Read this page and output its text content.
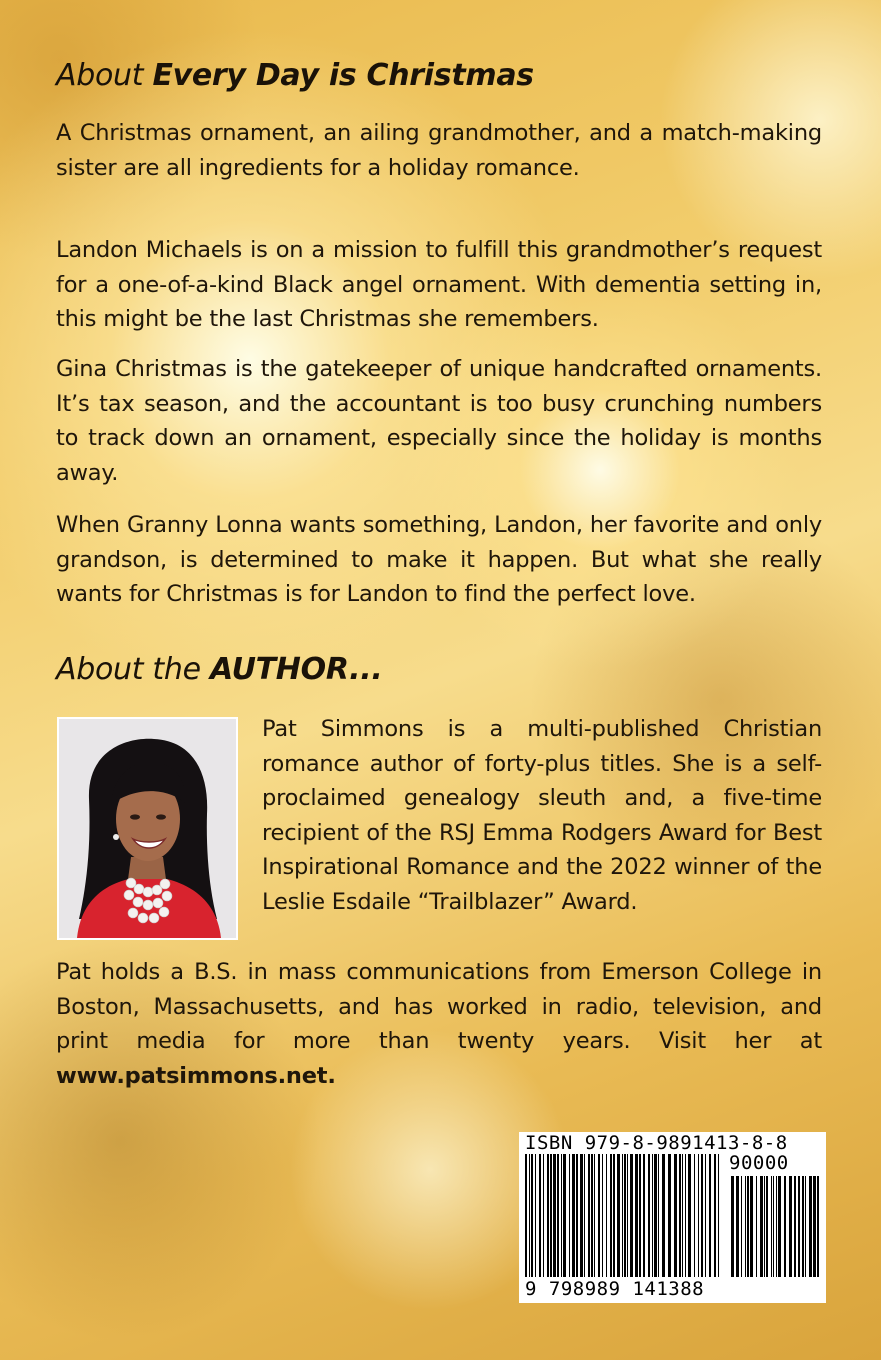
About Every Day is Christmas

A Christmas ornament, an ailing grandmother, and a match-making sister are all ingredients for a holiday romance.

Landon Michaels is on a mission to fulfill this grandmother’s request for a one-of-a-kind Black angel ornament. With dementia setting in, this might be the last Christmas she remembers.

Gina Christmas is the gatekeeper of unique handcrafted ornaments. It’s tax season, and the accountant is too busy crunching numbers to track down an ornament, especially since the holiday is months away.

When Granny Lonna wants something, Landon, her favorite and only grandson, is determined to make it happen. But what she really wants for Christmas is for Landon to find the perfect love.

About the AUTHOR...

Pat Simmons is a multi-published Christian romance author of forty-plus titles. She is a self-proclaimed genealogy sleuth and, a five-time recipient of the RSJ Emma Rodgers Award for Best Inspirational Romance and the 2022 winner of the Leslie Esdaile “Trailblazer” Award.

Pat holds a B.S. in mass communications from Emerson College in Boston, Massachusetts, and has worked in radio, television, and print media for more than twenty years. Visit her at www.patsimmons.net.

ISBN 979-8-9891413-8-8
90000
9 798989 141388
